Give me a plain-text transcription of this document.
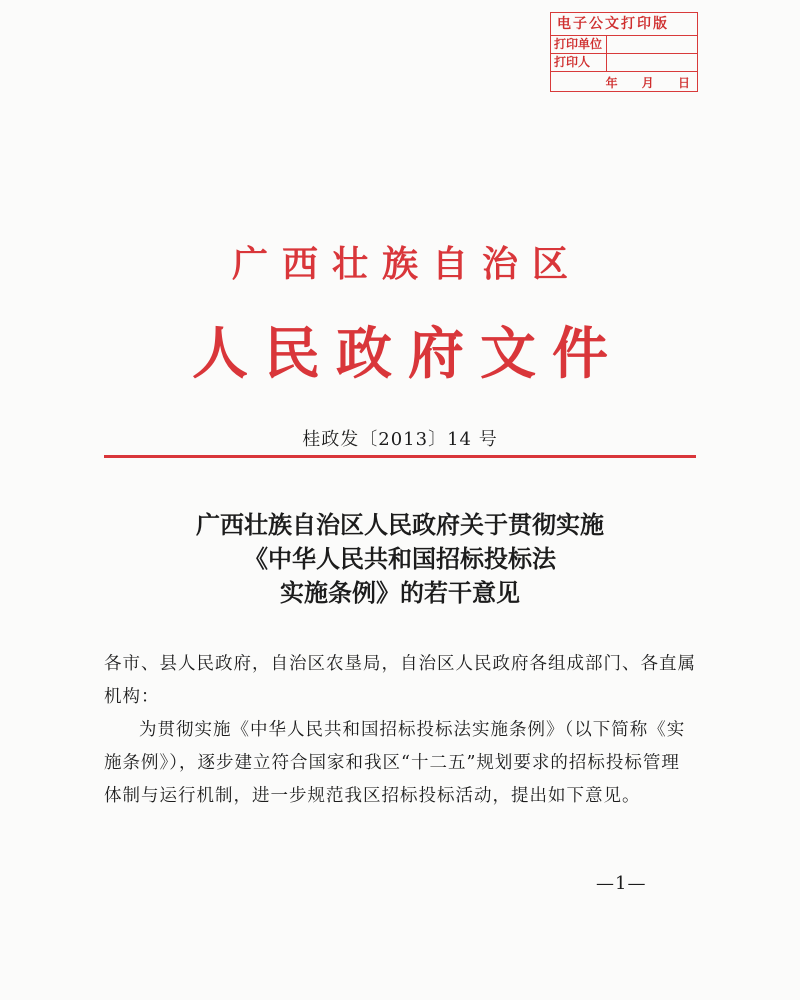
电子公文打印版
打印单位
打印人
年 月 日
广西壮族自治区
人民政府文件
桂政发〔2013〕14 号
广西壮族自治区人民政府关于贯彻实施
《中华人民共和国招标投标法
实施条例》的若干意见

各市、县人民政府，自治区农垦局，自治区人民政府各组成部门、各直属机构：

为贯彻实施《中华人民共和国招标投标法实施条例》（以下简称《实施条例》），逐步建立符合国家和我区“十二五”规划要求的招标投标管理体制与运行机制，进一步规范我区招标投标活动，提出如下意见。

—1—
